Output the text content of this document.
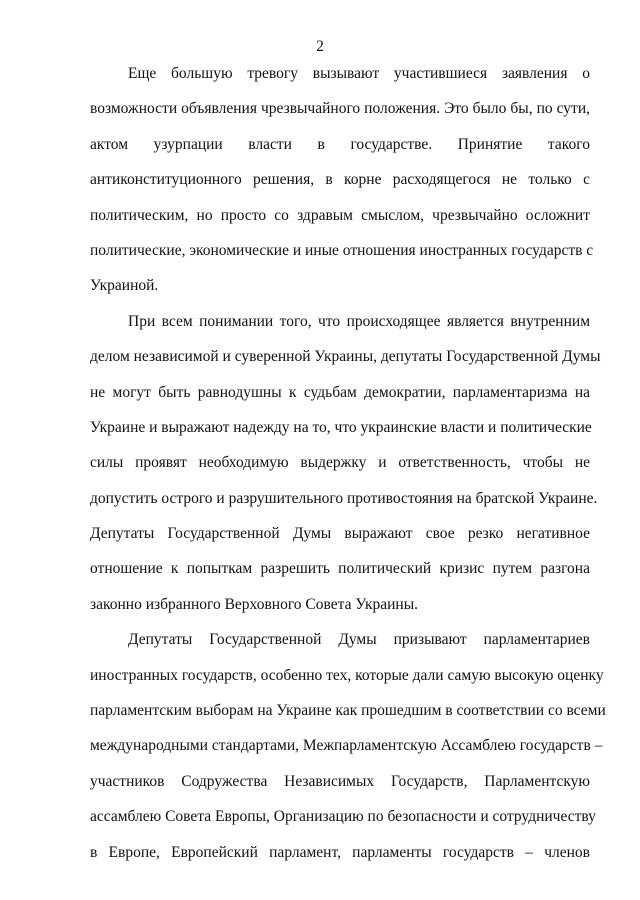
2
Еще большую тревогу вызывают участившиеся заявления о
возможности объявления чрезвычайного положения. Это было бы, по сути,
актом узурпации власти в государстве. Принятие такого
антиконституционного решения, в корне расходящегося не только с
политическим, но просто со здравым смыслом, чрезвычайно осложнит
политические, экономические и иные отношения иностранных государств с
Украиной.
При всем понимании того, что происходящее является внутренним
делом независимой и суверенной Украины, депутаты Государственной Думы
не могут быть равнодушны к судьбам демократии, парламентаризма на
Украине и выражают надежду на то, что украинские власти и политические
силы проявят необходимую выдержку и ответственность, чтобы не
допустить острого и разрушительного противостояния на братской Украине.
Депутаты Государственной Думы выражают свое резко негативное
отношение к попыткам разрешить политический кризис путем разгона
законно избранного Верховного Совета Украины.
Депутаты Государственной Думы призывают парламентариев
иностранных государств, особенно тех, которые дали самую высокую оценку
парламентским выборам на Украине как прошедшим в соответствии со всеми
международными стандартами, Межпарламентскую Ассамблею государств –
участников Содружества Независимых Государств, Парламентскую
ассамблею Совета Европы, Организацию по безопасности и сотрудничеству
в Европе, Европейский парламент, парламенты государств – членов
